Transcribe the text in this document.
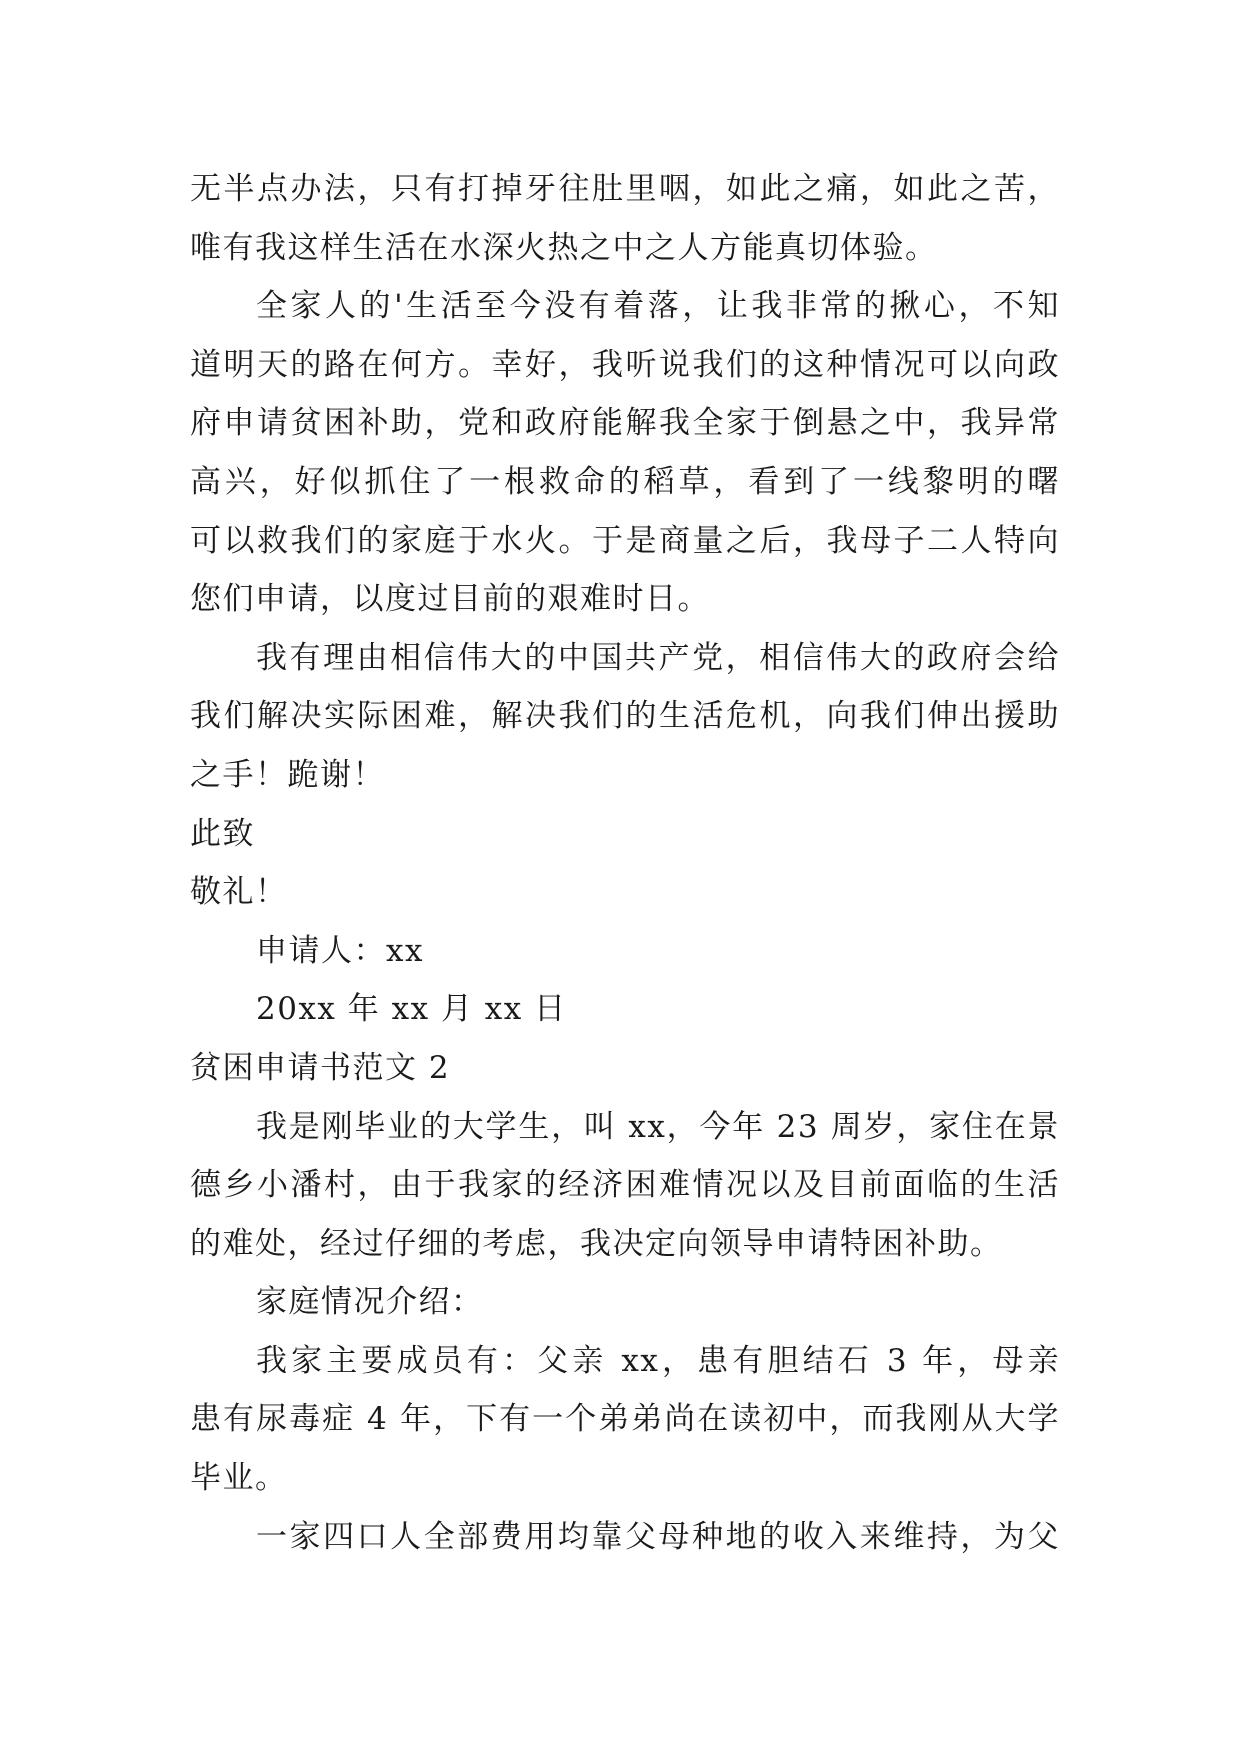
无半点办法，只有打掉牙往肚里咽，如此之痛，如此之苦，
唯有我这样生活在水深火热之中之人方能真切体验。
全家人的'生活至今没有着落，让我非常的揪心，不知
道明天的路在何方。幸好，我听说我们的这种情况可以向政
府申请贫困补助，党和政府能解我全家于倒悬之中，我异常
高兴，好似抓住了一根救命的稻草，看到了一线黎明的曙
可以救我们的家庭于水火。于是商量之后，我母子二人特向
您们申请，以度过目前的艰难时日。
我有理由相信伟大的中国共产党，相信伟大的政府会给
我们解决实际困难，解决我们的生活危机，向我们伸出援助
之手！跪谢！
此致
敬礼！
申请人：xx
20xx 年 xx 月 xx 日
贫困申请书范文 2
我是刚毕业的大学生，叫 xx，今年 23 周岁，家住在景
德乡小潘村，由于我家的经济困难情况以及目前面临的生活
的难处，经过仔细的考虑，我决定向领导申请特困补助。
家庭情况介绍：
我家主要成员有：父亲 xx，患有胆结石 3 年，母亲
患有尿毒症 4 年，下有一个弟弟尚在读初中，而我刚从大学
毕业。
一家四口人全部费用均靠父母种地的收入来维持，为父
